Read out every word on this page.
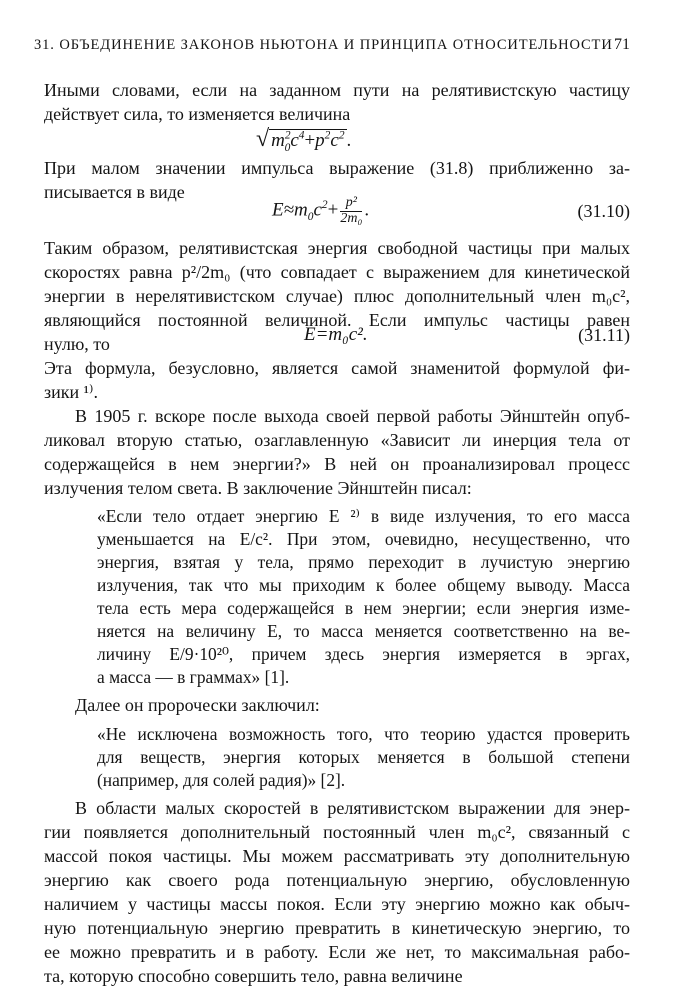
31. ОБЪЕДИНЕНИЕ ЗАКОНОВ НЬЮТОНА И ПРИНЦИПА ОТНОСИТЕЛЬНОСТИ 71
Иными словами, если на заданном пути на релятивистскую частицу
действует сила, то изменяется величина
√ $m^2_0c^4+p^2c^2$ .
При малом значении импульса выражение (31.8) приближенно за-
писывается в виде
$E\approx m_0c^2+ \frac{\text{p²}}{\text{2m₀}}$ .	(31.10)
Таким образом, релятивистская энергия свободной частицы при малых
скоростях равна p²/2m₀ (что совпадает с выражением для кинетической
энергии в нерелятивистском случае) плюс дополнительный член m₀c²,
являющийся постоянной величиной. Если импульс частицы равен
нулю, то	E=m₀c².	(31.11)
Эта формула, безусловно, является самой знаменитой формулой фи-
зики ¹⁾.
В 1905 г. вскоре после выхода своей первой работы Эйнштейн опуб-
ликовал вторую статью, озаглавленную «Зависит ли инерция тела от
содержащейся в нем энергии?» В ней он проанализировал процесс
излучения телом света. В заключение Эйнштейн писал:
«Если тело отдает энергию E ²⁾ в виде излучения, то его масса
уменьшается на E/c². При этом, очевидно, несущественно, что
энергия, взятая у тела, прямо переходит в лучистую энергию
излучения, так что мы приходим к более общему выводу. Масса
тела есть мера содержащейся в нем энергии; если энергия изме-
няется на величину E, то масса меняется соответственно на ве-
личину E/9·10²⁰, причем здесь энергия измеряется в эргах,
а масса — в граммах» [1].
Далее он пророчески заключил:
«Не исключена возможность того, что теорию удастся проверить
для веществ, энергия которых меняется в большой степени
(например, для солей радия)» [2].
В области малых скоростей в релятивистском выражении для энер-
гии появляется дополнительный постоянный член m₀c², связанный с
массой покоя частицы. Мы можем рассматривать эту дополнительную
энергию как своего рода потенциальную энергию, обусловленную
наличием у частицы массы покоя. Если эту энергию можно как обыч-
ную потенциальную энергию превратить в кинетическую энергию, то
ее можно превратить и в работу. Если же нет, то максимальная рабо-
та, которую способно совершить тело, равна величине
